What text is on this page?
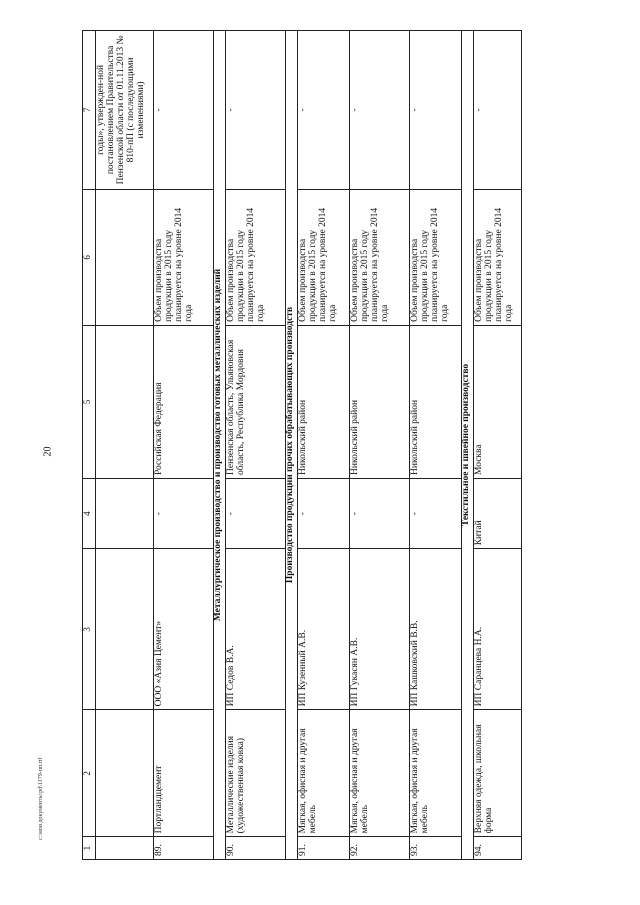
20
1	2	3	4	5	6	7
						годы», утвержден-ной постановлением Правительства Пензенской области от 01.11.2013 № 810-пП (с последующими изменениями)
89.	Портландцемент	ООО «Азия Цемент»	-	Российская Федерация	Объем производства продукции в 2015 году планируется на уровне 2014 года	-
Металлургическое производство и производство готовых металлических изделий						
90.	Металлические изделия (художественная ковка)	ИП Седов В.А.	-	Пензенская область, Ульяновская область, Республика Мордовия	Объем производства продукции в 2015 году планируется на уровне 2014 года	-
Производство продукции прочих обрабатывающих производств						
91.	Мягкая, офисная и другая мебель	ИП Кузенный А.В.	-	Никольский район	Объем производства продукции в 2015 году планируется на уровне 2014 года	-
92.	Мягкая, офисная и другая мебель	ИП Гукасян А.В.	-	Никольский район	Объем производства продукции в 2015 году планируется на уровне 2014 года	-
93.	Мягкая, офисная и другая мебель	ИП Кашковский В.В.	-	Никольский район	Объем производства продукции в 2015 году планируется на уровне 2014 года	-
Текстильное и швейное производство						
94.	Верхняя одежда, школьная форма	ИП Саранцева Н.А.	Китай	Москва	Объем производства продукции в 2015 году планируется на уровне 2014 года	-
c:\мои документы\pd\1179-пп.rtf
